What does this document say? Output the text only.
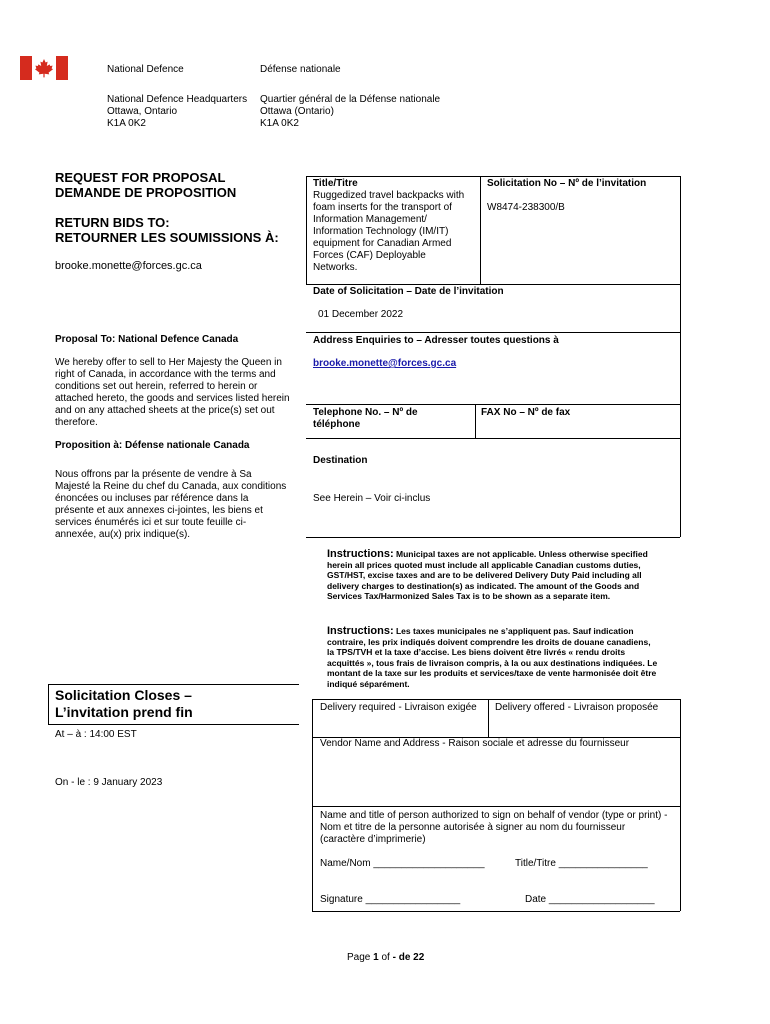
National Defence	Défense nationale
National Defence Headquarters
Ottawa, Ontario
K1A 0K2
Quartier général de la Défense nationale
Ottawa (Ontario)
K1A 0K2
REQUEST FOR PROPOSAL
DEMANDE DE PROPOSITION
RETURN BIDS TO:
RETOURNER LES SOUMISSIONS À:
brooke.monette@forces.gc.ca
Proposal To: National Defence Canada
We hereby offer to sell to Her Majesty the Queen in right of Canada, in accordance with the terms and conditions set out herein, referred to herein or attached hereto, the goods and services listed herein and on any attached sheets at the price(s) set out therefore.
Proposition à: Défense nationale Canada
Nous offrons par la présente de vendre à Sa Majesté la Reine du chef du Canada, aux conditions énoncées ou incluses par référence dans la présente et aux annexes ci-jointes, les biens et services énumérés ici et sur toute feuille ci-annexée, au(x) prix indique(s).
Solicitation Closes –
L’invitation prend fin
At – à : 14:00 EST
On - le : 9 January 2023
Title/Titre
Ruggedized travel backpacks with foam inserts for the transport of Information Management/ Information Technology (IM/IT) equipment for Canadian Armed Forces (CAF) Deployable Networks.
Solicitation No – Nº de l’invitation
W8474-238300/B
Date of Solicitation – Date de l’invitation
01 December 2022
Address Enquiries to – Adresser toutes questions à
brooke.monette@forces.gc.ca
Telephone No. – Nº de téléphone
FAX No – Nº de fax
Destination
See Herein – Voir ci-inclus
Instructions: Municipal taxes are not applicable. Unless otherwise specified herein all prices quoted must include all applicable Canadian customs duties, GST/HST, excise taxes and are to be delivered Delivery Duty Paid including all delivery charges to destination(s) as indicated. The amount of the Goods and Services Tax/Harmonized Sales Tax is to be shown as a separate item.
Instructions: Les taxes municipales ne s’appliquent pas. Sauf indication contraire, les prix indiqués doivent comprendre les droits de douane canadiens, la TPS/TVH et la taxe d’accise. Les biens doivent être livrés « rendu droits acquittés », tous frais de livraison compris, à la ou aux destinations indiquées. Le montant de la taxe sur les produits et services/taxe de vente harmonisée doit être indiqué séparément.
Delivery required - Livraison exigée Delivery offered - Livraison proposée
Vendor Name and Address - Raison sociale et adresse du fournisseur
Name and title of person authorized to sign on behalf of vendor (type or print) - Nom et titre de la personne autorisée à signer au nom du fournisseur (caractère d’imprimerie)
Name/Nom ____________________	Title/Titre ________________
Signature _________________	Date ___________________
Page 1 of - de 22
